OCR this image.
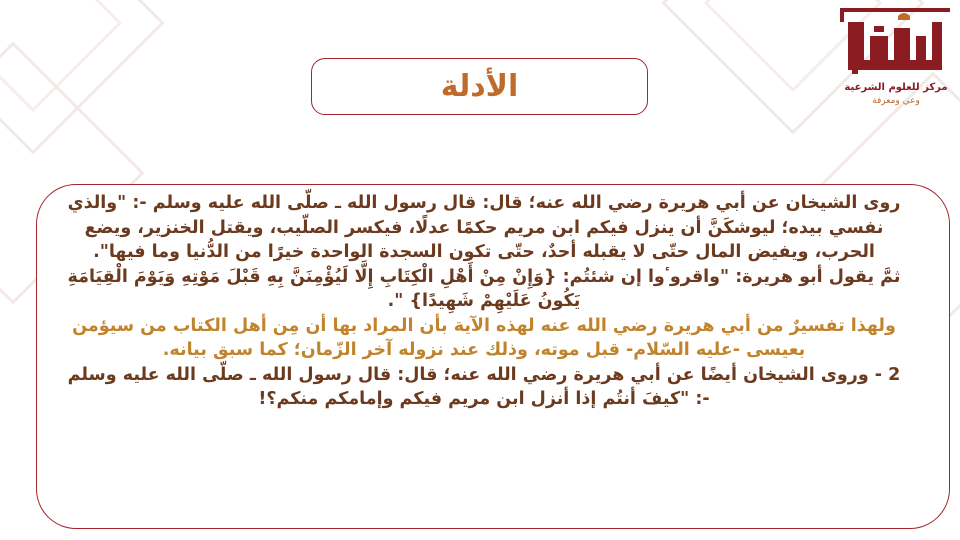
الأدلة	مركز للعلوم الشرعية
وعي ومعرفة

روى الشيخان عن أبي هريرة رضي الله عنه؛ قال: قال رسول الله ـ صلّى الله عليه وسلم -: "والذي نفسي بيده؛ ليوشكَنَّ أن ينزل فيكم ابن مريم حكمًا عدلًا، فيكسر الصلّيب، ويقتل الخنزير، ويضع الحرب، ويفيض المال حتّى لا يقبله أحدٌ، حتّى تكون السجدة الواحدة خيرًا من الدُّنيا وما فيها".

ثمَّ يقول أبو هريرة: "واقروٴوا إن شئتُم: {وَإِنْ مِنْ أَهْلِ الْكِتَابِ إِلَّا لَيُؤْمِنَنَّ بِهِ قَبْلَ مَوْتِهِ وَيَوْمَ الْقِيَامَةِ يَكُونُ عَلَيْهِمْ شَهِيدًا} ".

ولهذا تفسيرٌ من أبي هريرة رضي الله عنه لهذه الآية بأن المراد بها أن مِن أهل الكتاب من سيؤمن بعيسى -عليه السّلام- قبل موته، وذلك عند نزوله آخر الزّمان؛ كما سبق بيانه.

2 - وروى الشيخان أيضًا عن أبي هريرة رضي الله عنه؛ قال: قال رسول الله ـ صلّى الله عليه وسلم -: "كيفَ أنتُم إذا أنزل ابن مريم فيكم وإمامكم منكم؟!
